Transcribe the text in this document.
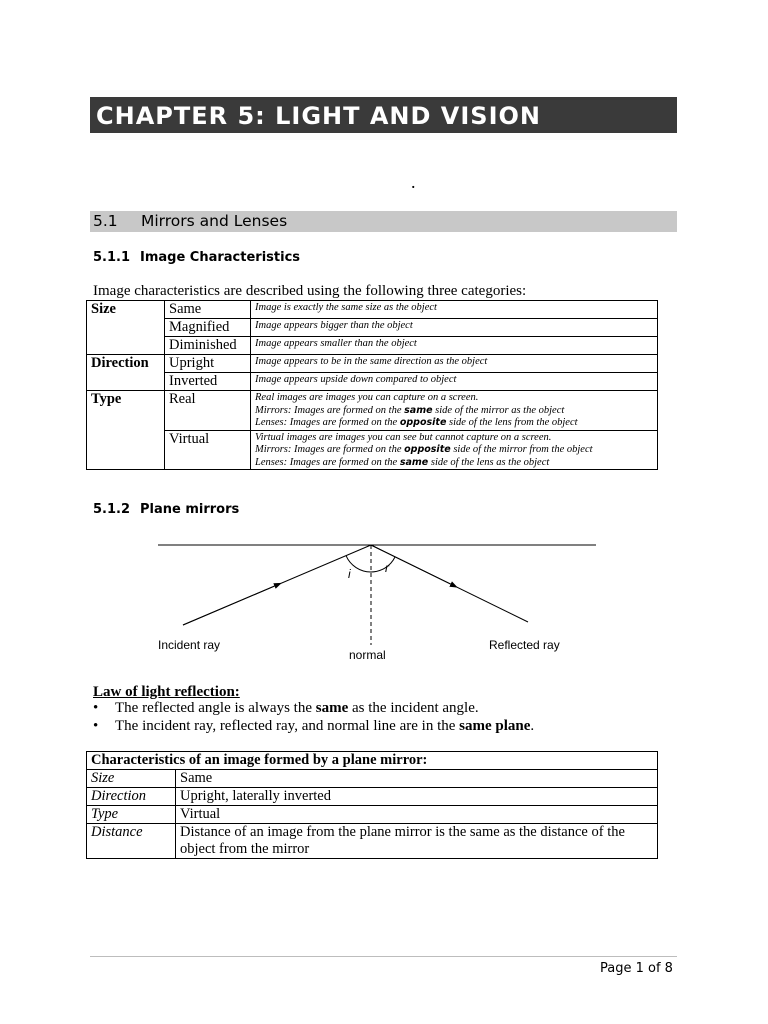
CHAPTER 5: LIGHT AND VISION
.
5.1 Mirrors and Lenses
5.1.1 Image Characteristics
Image characteristics are described using the following three categories:
Size	Same	Image is exactly the same size as the object
	Magnified	Image appears bigger than the object
	Diminished	Image appears smaller than the object
Direction	Upright	Image appears to be in the same direction as the object
	Inverted	Image appears upside down compared to object
Type	Real	Real images are images you can capture on a screen.
Mirrors: Images are formed on the same side of the mirror as the object
Lenses: Images are formed on the opposite side of the lens from the object

	Virtual	Virtual images are images you can see but cannot capture on a screen.
Mirrors: Images are formed on the opposite side of the mirror from the object
Lenses: Images are formed on the same side of the lens as the object
5.1.2 Plane mirrors
i	r
Incident ray	Reflected ray
normal
Law of light reflection:
• The reflected angle is always the same as the incident angle.
• The incident ray, reflected ray, and normal line are in the same plane.
Characteristics of an image formed by a plane mirror:	
Size	Same
Direction	Upright, laterally inverted
Type	Virtual
Distance	Distance of an image from the plane mirror is the same as the distance of the object from the mirror
Page 1 of 8
